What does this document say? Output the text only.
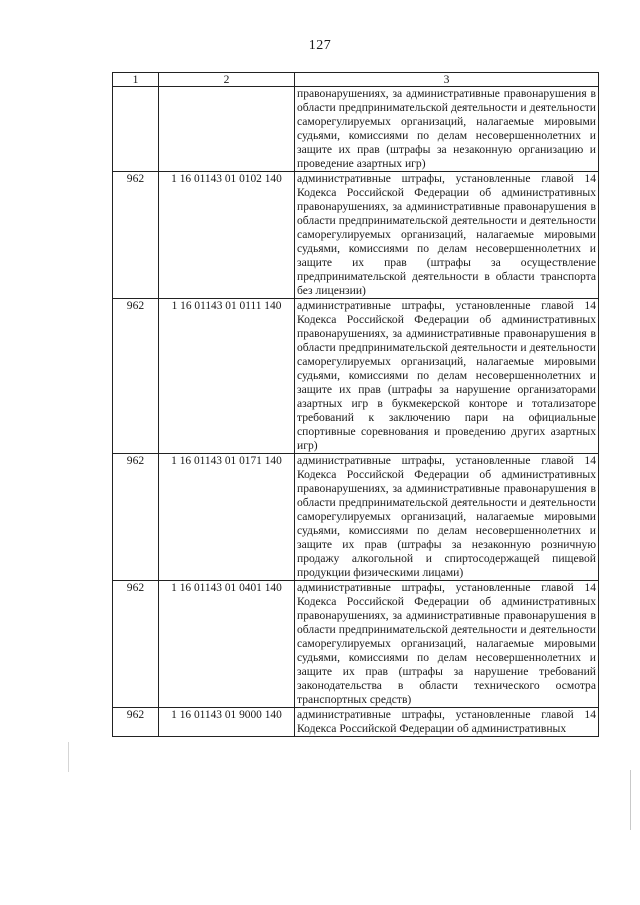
127
1	2	3
		правонарушениях, за административные правонарушения в области предпринимательской деятельности и деятельности саморегулируемых организаций, налагаемые мировыми судьями, комиссиями по делам несовершеннолетних и защите их прав (штрафы за незаконную организацию и проведение азартных игр)
962	1 16 01143 01 0102 140	административные штрафы, установленные главой 14 Кодекса Российской Федерации об административных правонарушениях, за административные правонарушения в области предпринимательской деятельности и деятельности саморегулируемых организаций, налагаемые мировыми судьями, комиссиями по делам несовершеннолетних и защите их прав (штрафы за осуществление предпринимательской деятельности в области транспорта без лицензии)
962	1 16 01143 01 0111 140	административные штрафы, установленные главой 14 Кодекса Российской Федерации об административных правонарушениях, за административные правонарушения в области предпринимательской деятельности и деятельности саморегулируемых организаций, налагаемые мировыми судьями, комиссиями по делам несовершеннолетних и защите их прав (штрафы за нарушение организаторами азартных игр в букмекерской конторе и тотализаторе требований к заключению пари на официальные спортивные соревнования и проведению других азартных игр)
962	1 16 01143 01 0171 140	административные штрафы, установленные главой 14 Кодекса Российской Федерации об административных правонарушениях, за административные правонарушения в области предпринимательской деятельности и деятельности саморегулируемых организаций, налагаемые мировыми судьями, комиссиями по делам несовершеннолетних и защите их прав (штрафы за незаконную розничную продажу алкогольной и спиртосодержащей пищевой продукции физическими лицами)
962	1 16 01143 01 0401 140	административные штрафы, установленные главой 14 Кодекса Российской Федерации об административных правонарушениях, за административные правонарушения в области предпринимательской деятельности и деятельности саморегулируемых организаций, налагаемые мировыми судьями, комиссиями по делам несовершеннолетних и защите их прав (штрафы за нарушение требований законодательства в области технического осмотра транспортных средств)
962	1 16 01143 01 9000 140	административные штрафы, установленные главой 14 Кодекса Российской Федерации об административных
